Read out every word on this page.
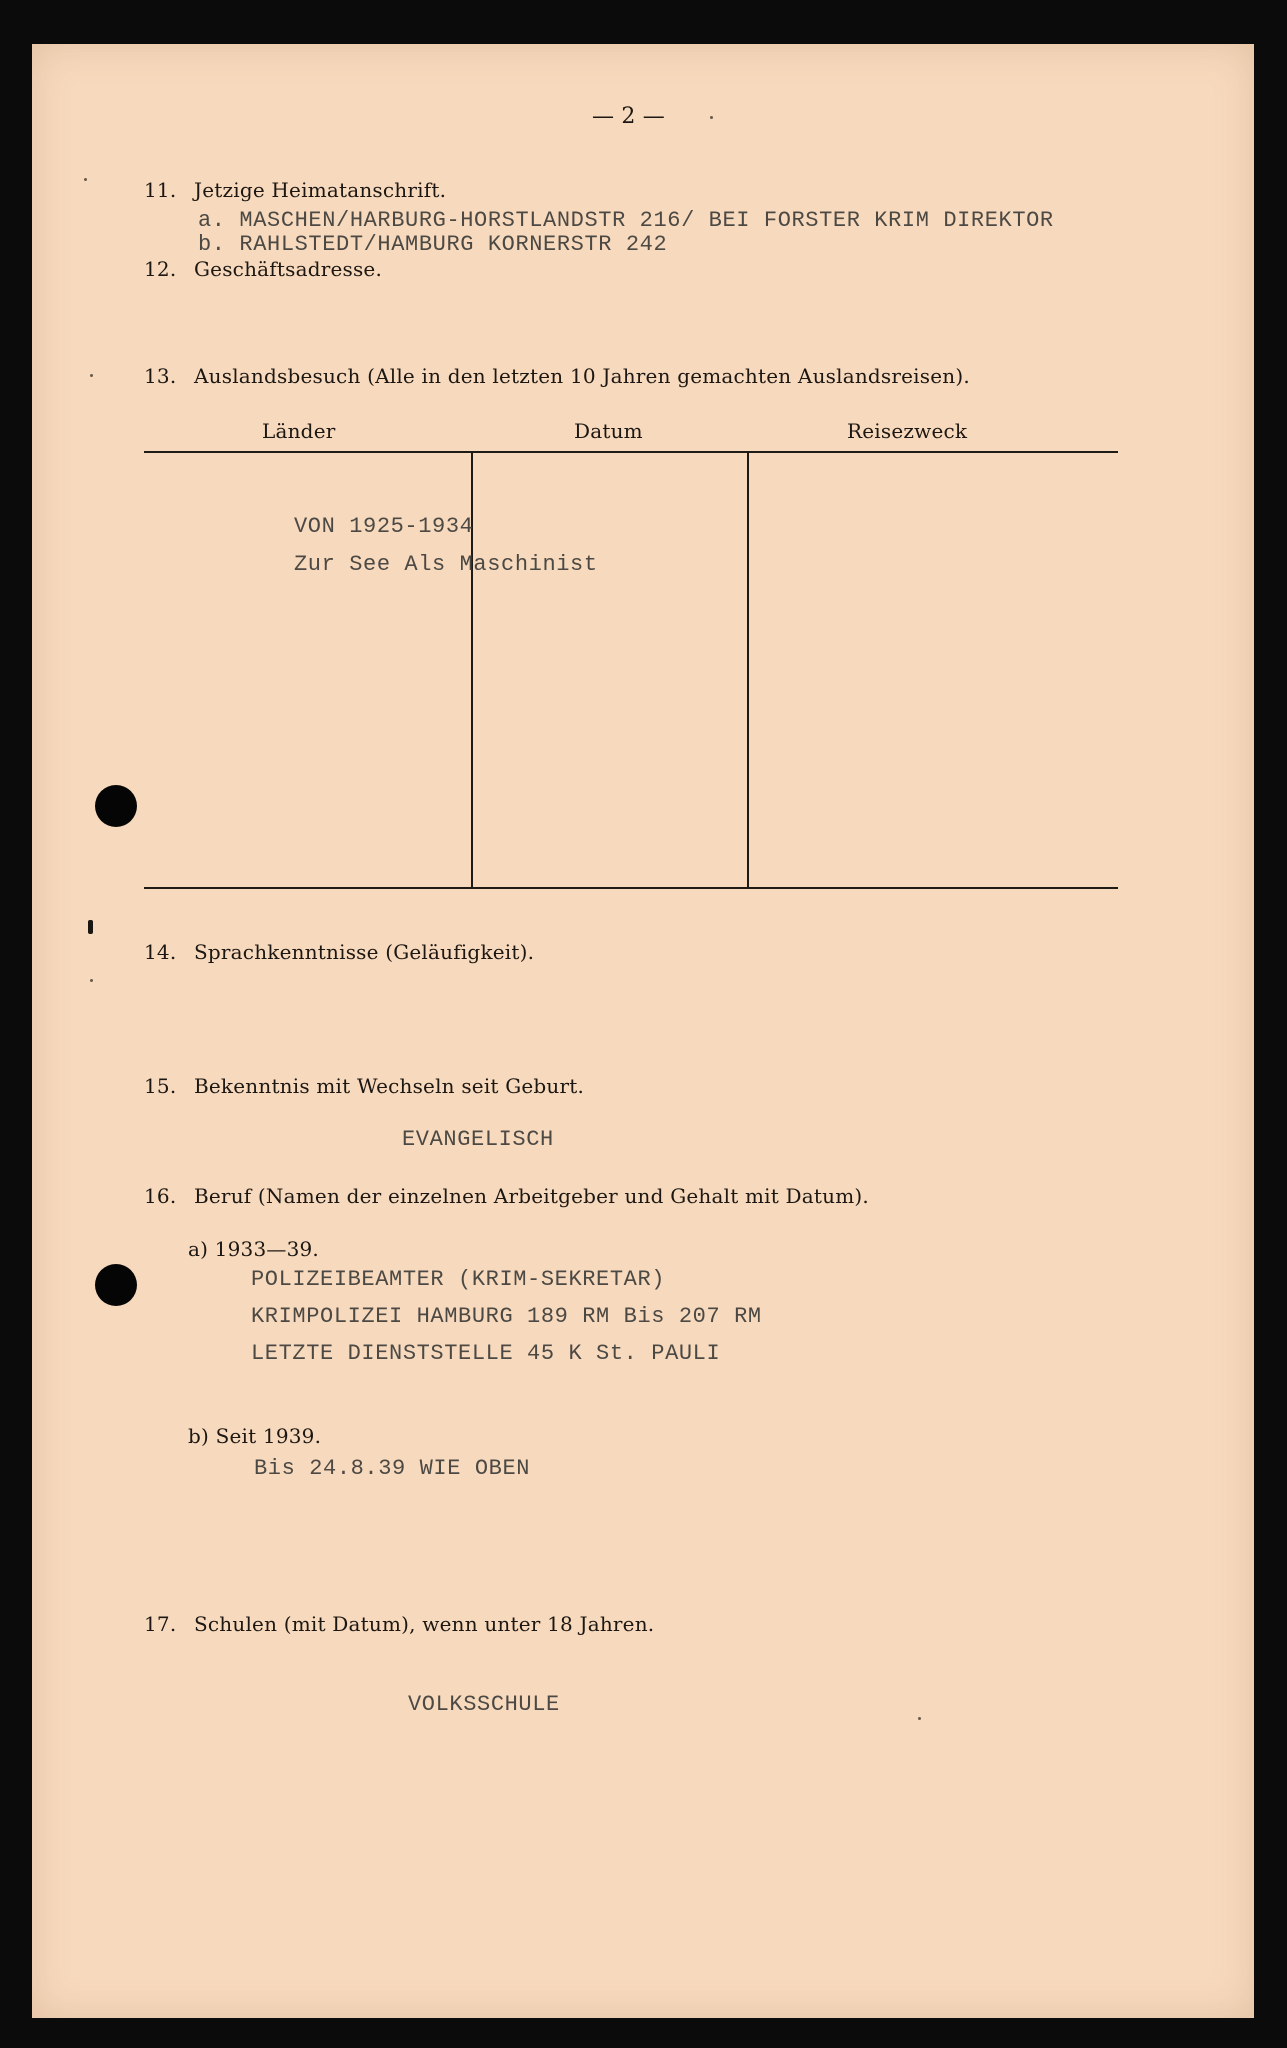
— 2 —
11. Jetzige Heimatanschrift.
a. MASCHEN/HARBURG-HORSTLANDSTR 216/ BEI FORSTER KRIM DIREKTOR
b. RAHLSTEDT/HAMBURG KORNERSTR 242
12. Geschäftsadresse.
13. Auslandsbesuch (Alle in den letzten 10 Jahren gemachten Auslandsreisen).
Länder	Datum	Reisezweck
VON 1925-1934
Zur See Als Maschinist
14. Sprachkenntnisse (Geläufigkeit).
15. Bekenntnis mit Wechseln seit Geburt.
EVANGELISCH
16. Beruf (Namen der einzelnen Arbeitgeber und Gehalt mit Datum).
a) 1933—39.
POLIZEIBEAMTER (KRIM-SEKRETAR)
KRIMPOLIZEI HAMBURG 189 RM Bis 207 RM
LETZTE DIENSTSTELLE 45 K St. PAULI
b) Seit 1939.
Bis 24.8.39 WIE OBEN
17. Schulen (mit Datum), wenn unter 18 Jahren.
VOLKSSCHULE
